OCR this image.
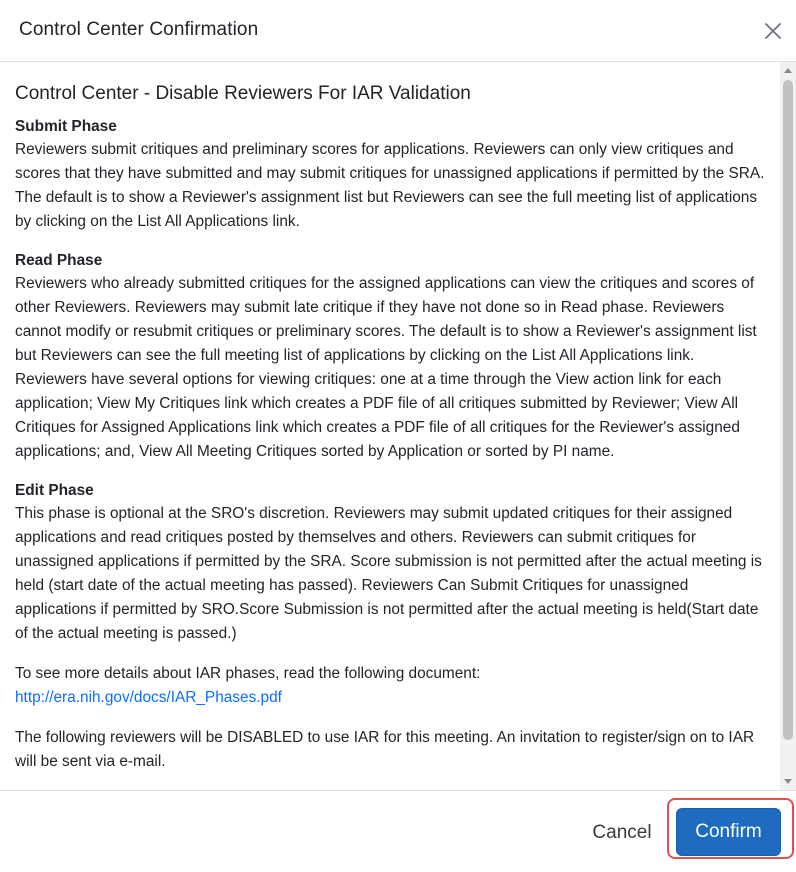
Control Center Confirmation
Control Center - Disable Reviewers For IAR Validation
Submit Phase
Reviewers submit critiques and preliminary scores for applications. Reviewers can only view critiques and scores that they have submitted and may submit critiques for unassigned applications if permitted by the SRA. The default is to show a Reviewer's assignment list but Reviewers can see the full meeting list of applications by clicking on the List All Applications link.
Read Phase
Reviewers who already submitted critiques for the assigned applications can view the critiques and scores of other Reviewers. Reviewers may submit late critique if they have not done so in Read phase. Reviewers cannot modify or resubmit critiques or preliminary scores. The default is to show a Reviewer's assignment list but Reviewers can see the full meeting list of applications by clicking on the List All Applications link. Reviewers have several options for viewing critiques: one at a time through the View action link for each application; View My Critiques link which creates a PDF file of all critiques submitted by Reviewer; View All Critiques for Assigned Applications link which creates a PDF file of all critiques for the Reviewer's assigned applications; and, View All Meeting Critiques sorted by Application or sorted by PI name.
Edit Phase
This phase is optional at the SRO's discretion. Reviewers may submit updated critiques for their assigned applications and read critiques posted by themselves and others. Reviewers can submit critiques for unassigned applications if permitted by the SRA. Score submission is not permitted after the actual meeting is held (start date of the actual meeting has passed). Reviewers Can Submit Critiques for unassigned applications if permitted by SRO.Score Submission is not permitted after the actual meeting is held(Start date of the actual meeting is passed.)
To see more details about IAR phases, read the following document:
http://era.nih.gov/docs/IAR_Phases.pdf
The following reviewers will be DISABLED to use IAR for this meeting. An invitation to register/sign on to IAR will be sent via e-mail.
Cancel	Confirm
